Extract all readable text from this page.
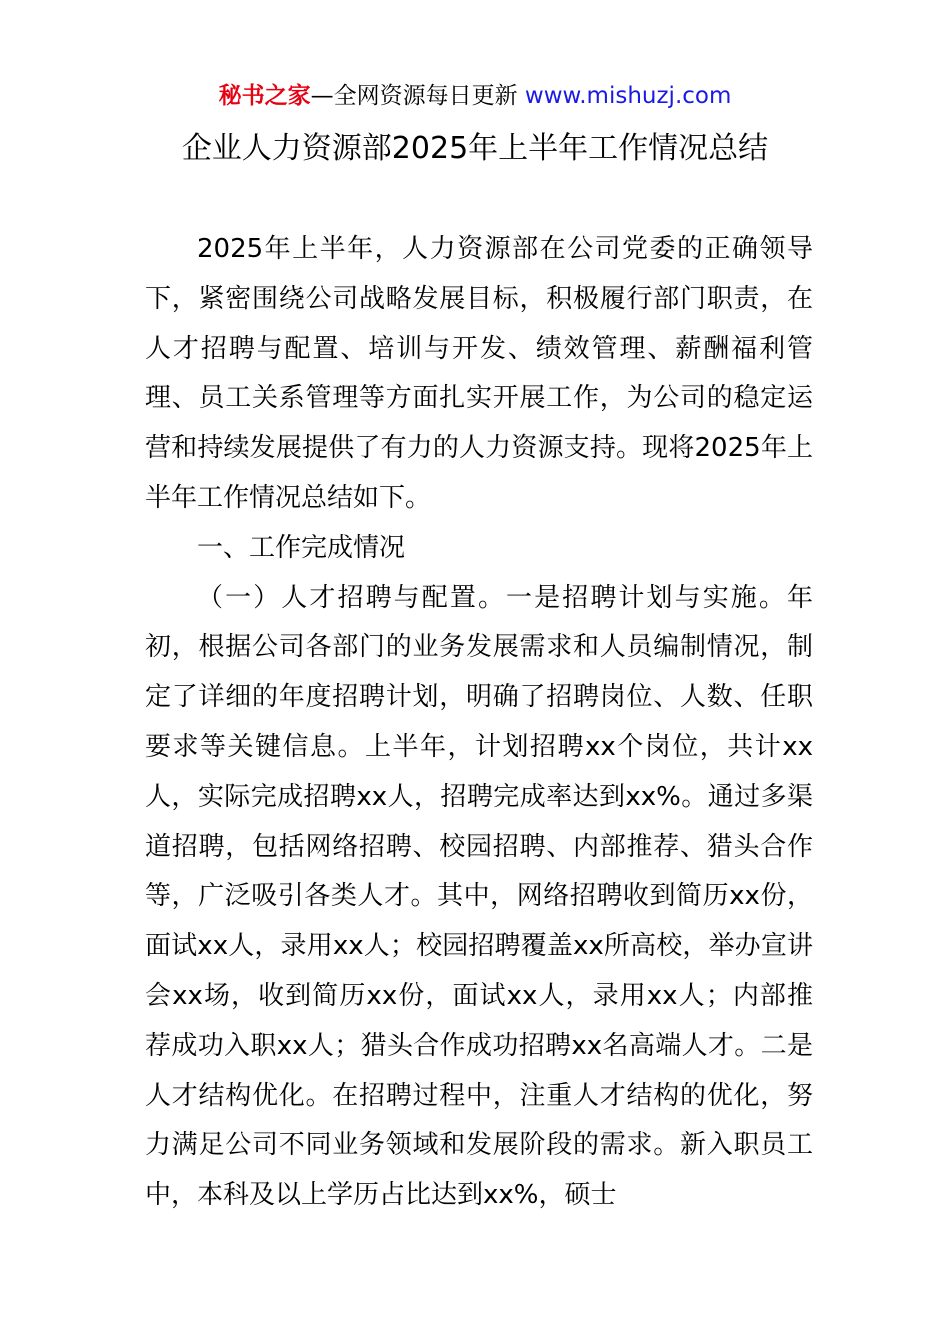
秘书之家—全网资源每日更新 www.mishuzj.com
企业人力资源部2025年上半年工作情况总结

2025年上半年，人力资源部在公司党委的正确领导下，紧密围绕公司战略发展目标，积极履行部门职责，在人才招聘与配置、培训与开发、绩效管理、薪酬福利管理、员工关系管理等方面扎实开展工作，为公司的稳定运营和持续发展提供了有力的人力资源支持。现将2025年上半年工作情况总结如下。

一、工作完成情况

（一）人才招聘与配置。一是招聘计划与实施。年初，根据公司各部门的业务发展需求和人员编制情况，制定了详细的年度招聘计划，明确了招聘岗位、人数、任职要求等关键信息。上半年，计划招聘xx个岗位，共计xx人，实际完成招聘xx人，招聘完成率达到xx%。通过多渠道招聘，包括网络招聘、校园招聘、内部推荐、猎头合作等，广泛吸引各类人才。其中，网络招聘收到简历xx份，面试xx人，录用xx人；校园招聘覆盖xx所高校，举办宣讲会xx场，收到简历xx份，面试xx人，录用xx人；内部推荐成功入职xx人；猎头合作成功招聘xx名高端人才。二是人才结构优化。在招聘过程中，注重人才结构的优化，努力满足公司不同业务领域和发展阶段的需求。新入职员工中，本科及以上学历占比达到xx%，硕士
